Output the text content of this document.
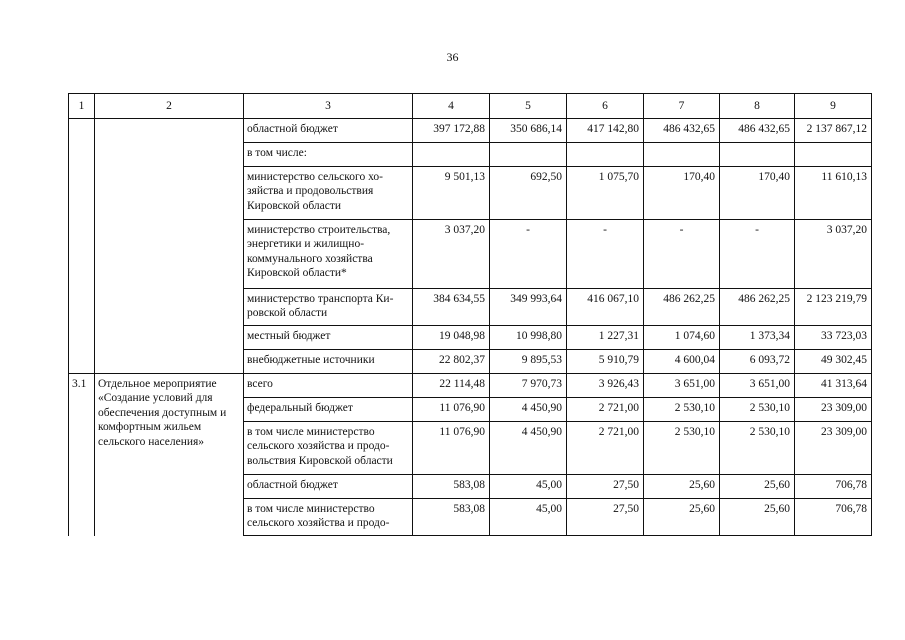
36
1	2	3	4	5	6	7	8	9
		областной бюджет	397 172,88	350 686,14	417 142,80	486 432,65	486 432,65	2 137 867,12
		в том числе:						
		министерство сельского хо-зяйства и продовольствия Кировской области	9 501,13	692,50	1 075,70	170,40	170,40	11 610,13
		министерство строительства, энергетики и жилищно-коммунального хозяйства Кировской области*	3 037,20	-	-	-	-	3 037,20
		министерство транспорта Ки-ровской области	384 634,55	349 993,64	416 067,10	486 262,25	486 262,25	2 123 219,79
		местный бюджет	19 048,98	10 998,80	1 227,31	1 074,60	1 373,34	33 723,03
		внебюджетные источники	22 802,37	9 895,53	5 910,79	4 600,04	6 093,72	49 302,45
3.1	Отдельное мероприятие «Создание условий для обеспечения доступным и комфортным жильем сельского населения»	всего	22 114,48	7 970,73	3 926,43	3 651,00	3 651,00	41 313,64
		федеральный бюджет	11 076,90	4 450,90	2 721,00	2 530,10	2 530,10	23 309,00
		в том числе министерство сельского хозяйства и продо-вольствия Кировской области	11 076,90	4 450,90	2 721,00	2 530,10	2 530,10	23 309,00
		областной бюджет	583,08	45,00	27,50	25,60	25,60	706,78
		в том числе министерство сельского хозяйства и продо-	583,08	45,00	27,50	25,60	25,60	706,78
